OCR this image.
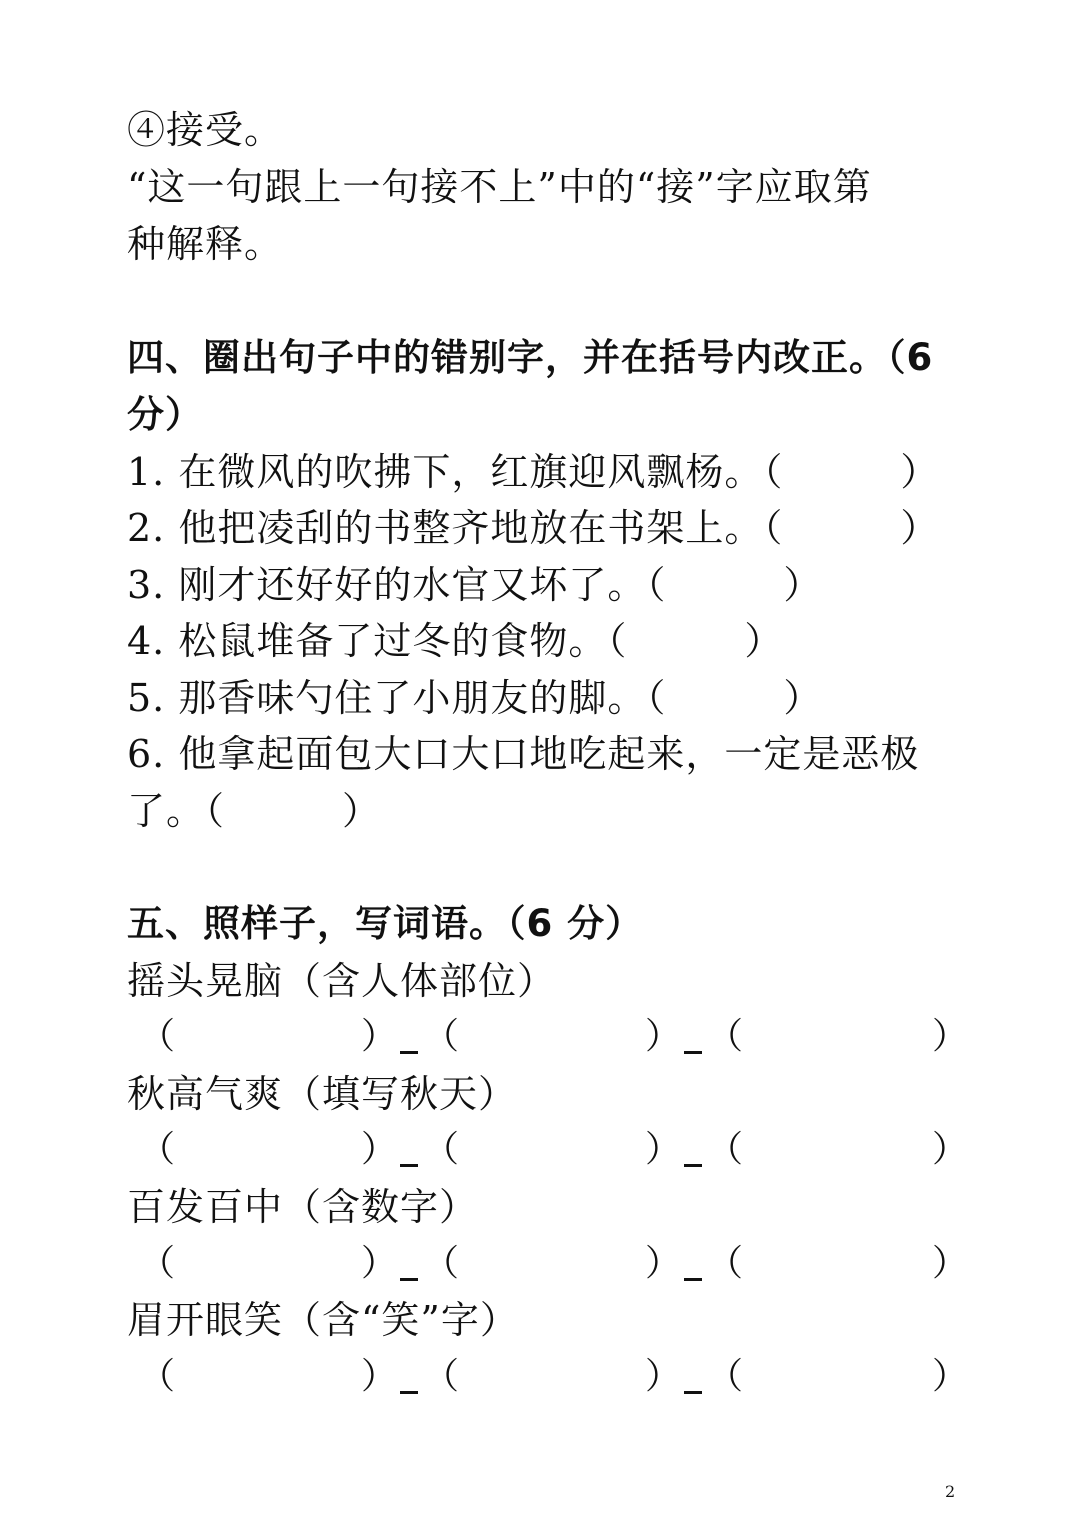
④接受。
“这一句跟上一句接不上”中的“接”字应取第
种解释。
四、圈出句子中的错别字，并在括号内改正。（6
分）
1. 在微风的吹拂下，红旗迎风飘杨。（　　　）
2. 他把凌刮的书整齐地放在书架上。（　　　）
3. 刚才还好好的水官又坏了。（　　　）
4. 松鼠堆备了过冬的食物。（　　　）
5. 那香味勺住了小朋友的脚。（　　　）
6. 他拿起面包大口大口地吃起来，一定是恶极
了。（　　　）
五、照样子，写词语。（6 分）
摇头晃脑（含人体部位）
（	） （	） （	）
秋高气爽（填写秋天）
（	） （	） （	）
百发百中（含数字）
（	） （	） （	）
眉开眼笑（含“笑”字）
（	） （	） （	）
2
